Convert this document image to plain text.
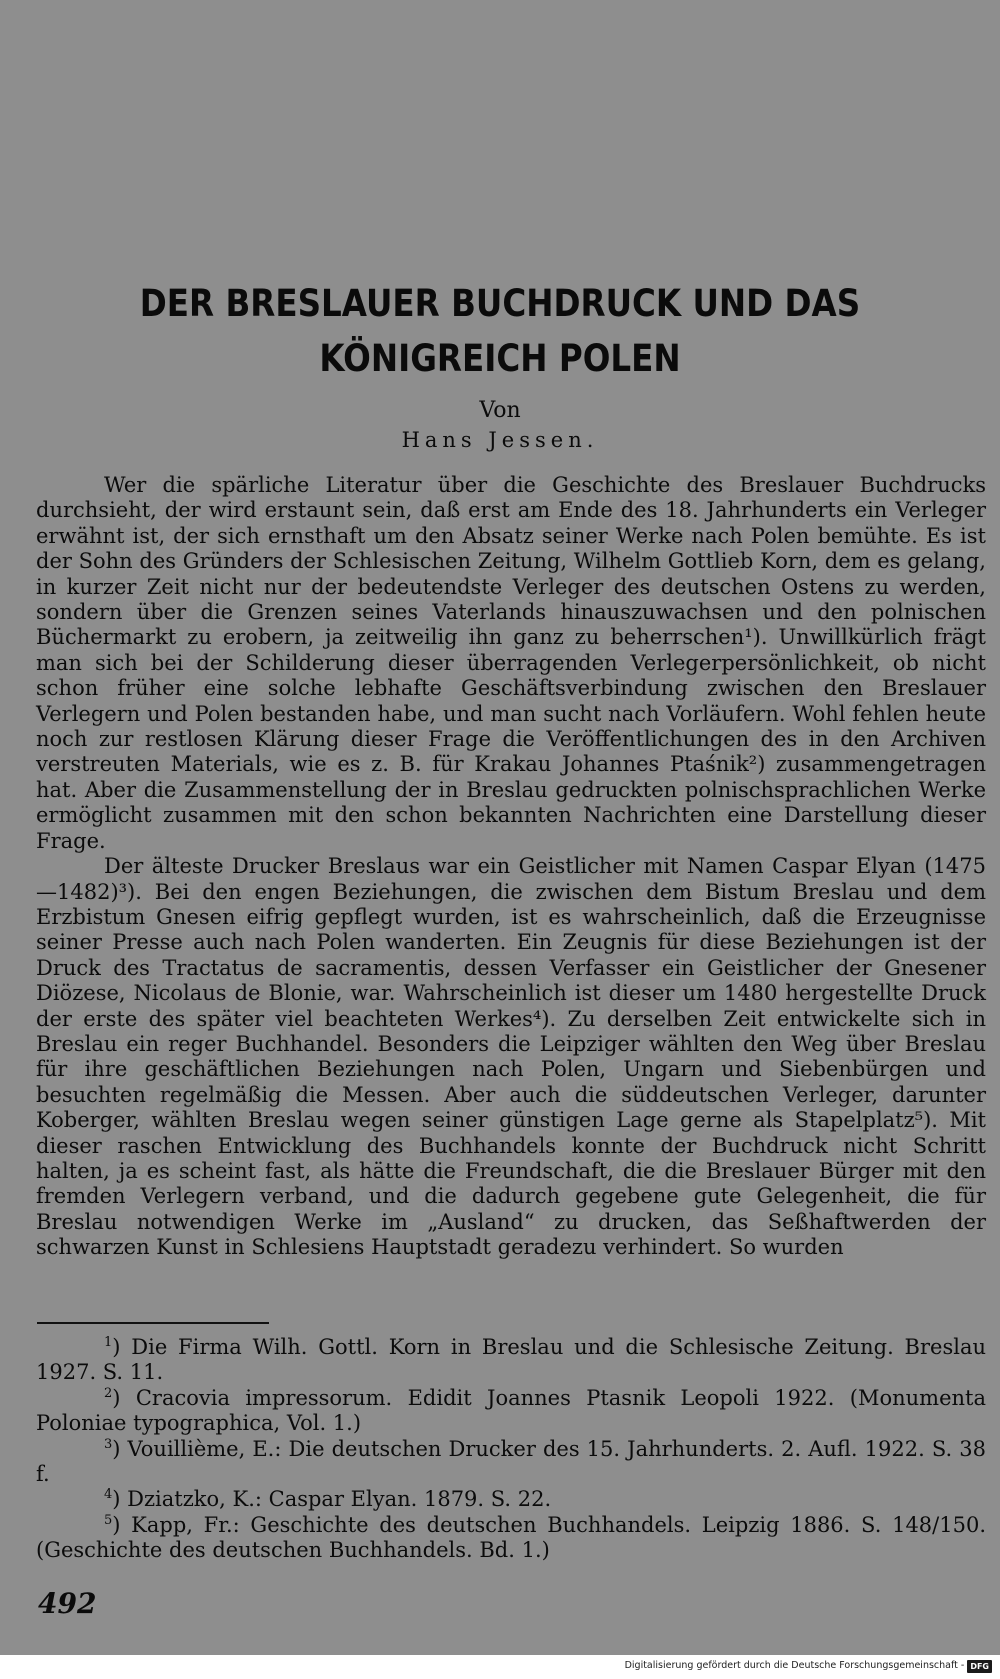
DER BRESLAUER BUCHDRUCK UND DAS
KÖNIGREICH POLEN
Von
Hans Jessen.

Wer die spärliche Literatur über die Geschichte des Breslauer Buchdrucks durchsieht, der wird erstaunt sein, daß erst am Ende des 18. Jahrhunderts ein Verleger erwähnt ist, der sich ernsthaft um den Absatz seiner Werke nach Polen bemühte. Es ist der Sohn des Gründers der Schlesischen Zeitung, Wilhelm Gottlieb Korn, dem es gelang, in kurzer Zeit nicht nur der bedeutendste Verleger des deutschen Ostens zu werden, sondern über die Grenzen seines Vaterlands hinauszuwachsen und den polnischen Büchermarkt zu erobern, ja zeitweilig ihn ganz zu beherrschen¹). Unwillkürlich frägt man sich bei der Schilderung dieser überragenden Verlegerpersönlichkeit, ob nicht schon früher eine solche lebhafte Geschäftsverbindung zwischen den Breslauer Verlegern und Polen bestanden habe, und man sucht nach Vorläufern. Wohl fehlen heute noch zur restlosen Klärung dieser Frage die Veröffentlichungen des in den Archiven verstreuten Materials, wie es z. B. für Krakau Johannes Ptaśnik²) zusammengetragen hat. Aber die Zusammenstellung der in Breslau gedruckten polnischsprachlichen Werke ermöglicht zusammen mit den schon bekannten Nachrichten eine Darstellung dieser Frage.

Der älteste Drucker Breslaus war ein Geistlicher mit Namen Caspar Elyan (1475—1482)³). Bei den engen Beziehungen, die zwischen dem Bistum Breslau und dem Erzbistum Gnesen eifrig gepflegt wurden, ist es wahrscheinlich, daß die Erzeugnisse seiner Presse auch nach Polen wanderten. Ein Zeugnis für diese Beziehungen ist der Druck des Tractatus de sacramentis, dessen Verfasser ein Geistlicher der Gnesener Diözese, Nicolaus de Blonie, war. Wahrscheinlich ist dieser um 1480 hergestellte Druck der erste des später viel beachteten Werkes⁴). Zu derselben Zeit entwickelte sich in Breslau ein reger Buchhandel. Besonders die Leipziger wählten den Weg über Breslau für ihre geschäftlichen Beziehungen nach Polen, Ungarn und Siebenbürgen und besuchten regelmäßig die Messen. Aber auch die süddeutschen Verleger, darunter Koberger, wählten Breslau wegen seiner günstigen Lage gerne als Stapelplatz⁵). Mit dieser raschen Entwicklung des Buchhandels konnte der Buchdruck nicht Schritt halten, ja es scheint fast, als hätte die Freundschaft, die die Breslauer Bürger mit den fremden Verlegern verband, und die dadurch gegebene gute Gelegenheit, die für Breslau notwendigen Werke im „Ausland“ zu drucken, das Seßhaftwerden der schwarzen Kunst in Schlesiens Hauptstadt geradezu verhindert. So wurden

$^1$) Die Firma Wilh. Gottl. Korn in Breslau und die Schlesische Zeitung. Breslau 1927. S. 11.

$^2$) Cracovia impressorum. Edidit Joannes Ptasnik Leopoli 1922. (Monumenta Poloniae typographica, Vol. 1.)

$^3$) Vouillième, E.: Die deutschen Drucker des 15. Jahrhunderts. 2. Aufl. 1922. S. 38 f.

$^4$) Dziatzko, K.: Caspar Elyan. 1879. S. 22.

$^5$) Kapp, Fr.: Geschichte des deutschen Buchhandels. Leipzig 1886. S. 148/150. (Geschichte des deutschen Buchhandels. Bd. 1.)

492
Digitalisierung gefördert durch die Deutsche Forschungsgemeinschaft - DFG
